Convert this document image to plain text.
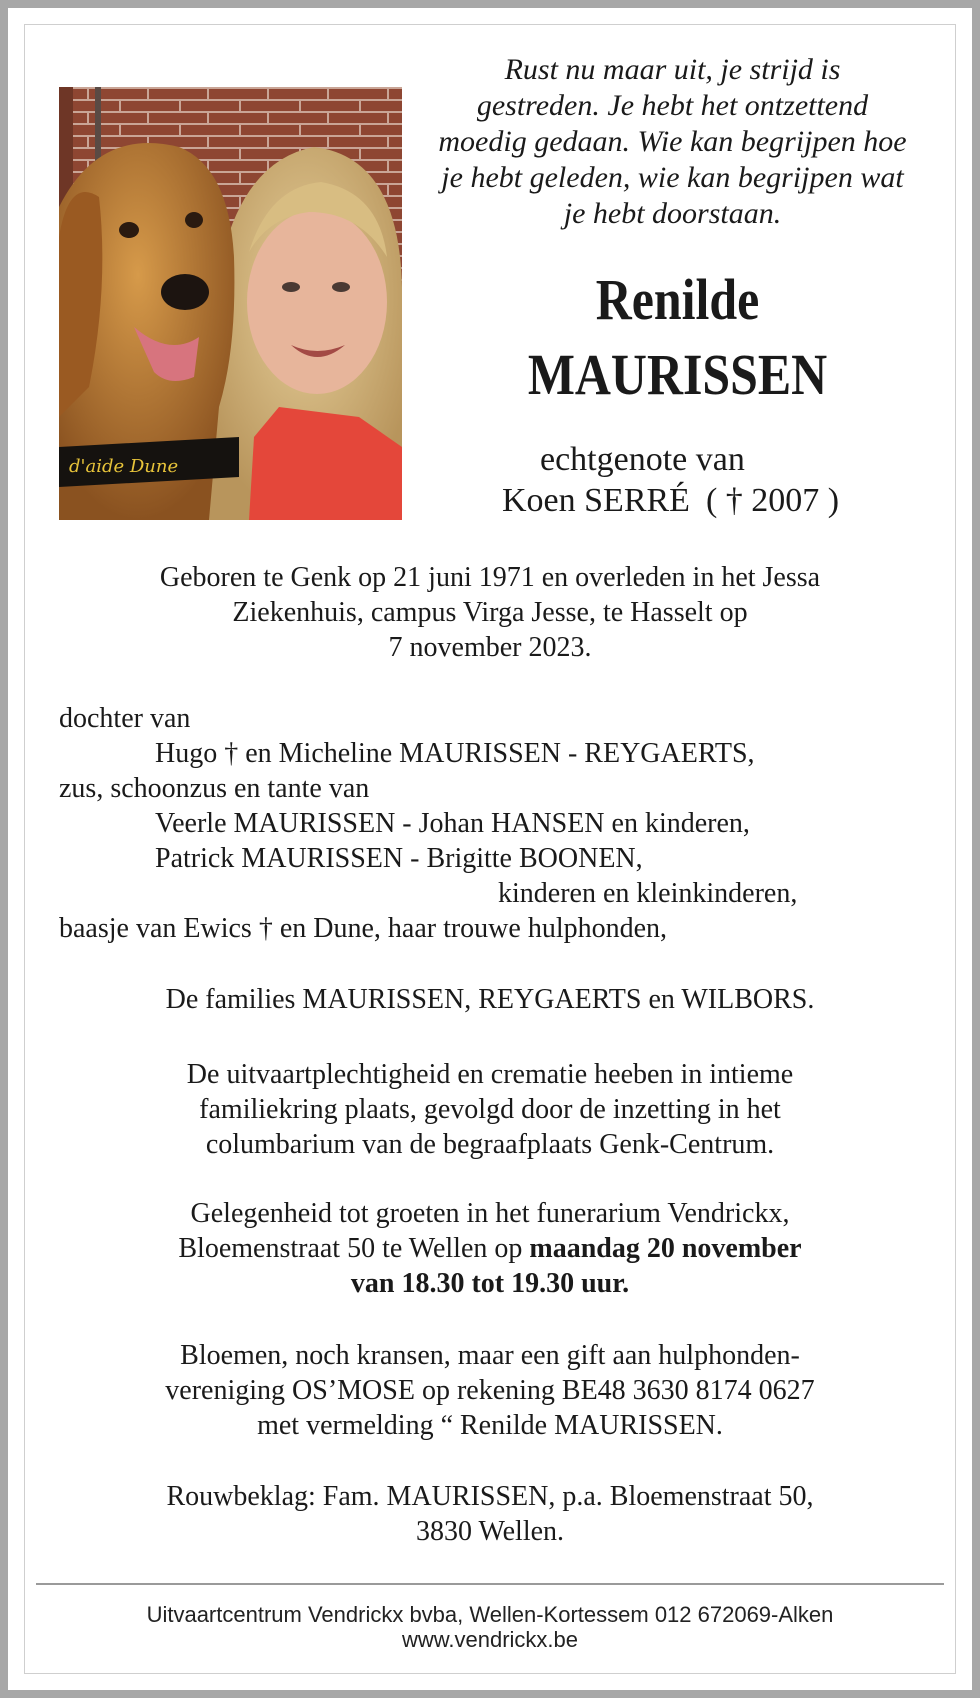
d'aide Dune
Rust nu maar uit, je strijd is
gestreden. Je hebt het ontzettend
moedig gedaan. Wie kan begrijpen hoe
je hebt geleden, wie kan begrijpen wat
je hebt doorstaan.
Renilde
MAURISSEN
echtgenote van
Koen SERRÉ ( † 2007 )
Geboren te Genk op 21 juni 1971 en overleden in het Jessa
Ziekenhuis, campus Virga Jesse, te Hasselt op
7 november 2023.
dochter van
Hugo † en Micheline MAURISSEN - REYGAERTS,
zus, schoonzus en tante van
Veerle MAURISSEN - Johan HANSEN en kinderen,
Patrick MAURISSEN - Brigitte BOONEN,
kinderen en kleinkinderen,
baasje van Ewics † en Dune, haar trouwe hulphonden,
De families MAURISSEN, REYGAERTS en WILBORS.
De uitvaartplechtigheid en crematie heeben in intieme
familiekring plaats, gevolgd door de inzetting in het
columbarium van de begraafplaats Genk-Centrum.
Gelegenheid tot groeten in het funerarium Vendrickx,
Bloemenstraat 50 te Wellen op maandag 20 november
van 18.30 tot 19.30 uur.
Bloemen, noch kransen, maar een gift aan hulphonden-
vereniging OS’MOSE op rekening BE48 3630 8174 0627
met vermelding “ Renilde MAURISSEN.
Rouwbeklag: Fam. MAURISSEN, p.a. Bloemenstraat 50,
3830 Wellen.
Uitvaartcentrum Vendrickx bvba, Wellen-Kortessem 012 672069-Alken
www.vendrickx.be
